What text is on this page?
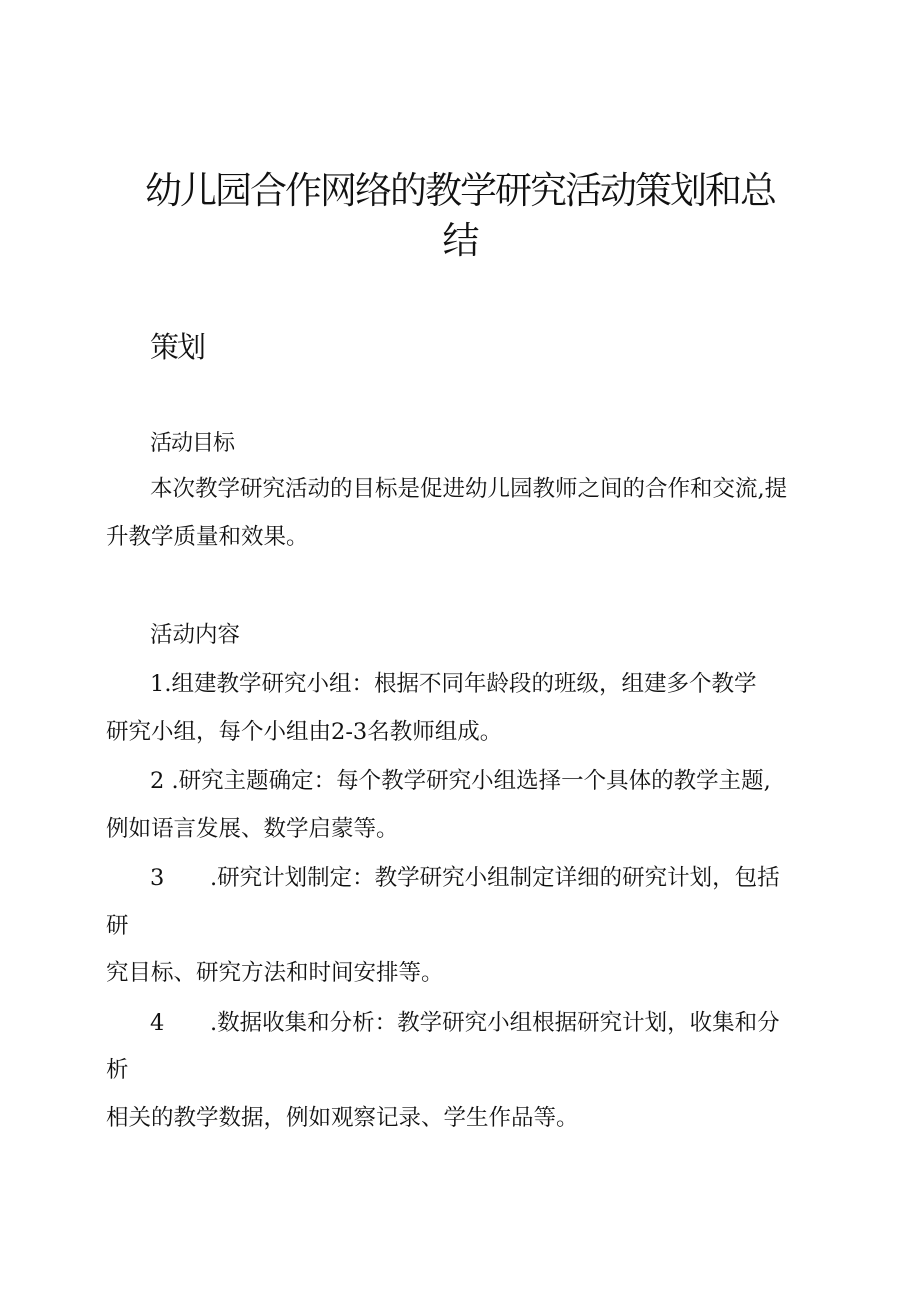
幼儿园合作网络的教学研究活动策划和总
结
策划
活动目标

本次教学研究活动的目标是促进幼儿园教师之间的合作和交流,提

升教学质量和效果。

活动内容

1.组建教学研究小组：根据不同年龄段的班级，组建多个教学

研究小组，每个小组由2-3名教师组成。

2 .研究主题确定：每个教学研究小组选择一个具体的教学主题,

例如语言发展、数学启蒙等。

3 .研究计划制定：教学研究小组制定详细的研究计划，包括

研

究目标、研究方法和时间安排等。

4 .数据收集和分析：教学研究小组根据研究计划，收集和分

析

相关的教学数据，例如观察记录、学生作品等。
